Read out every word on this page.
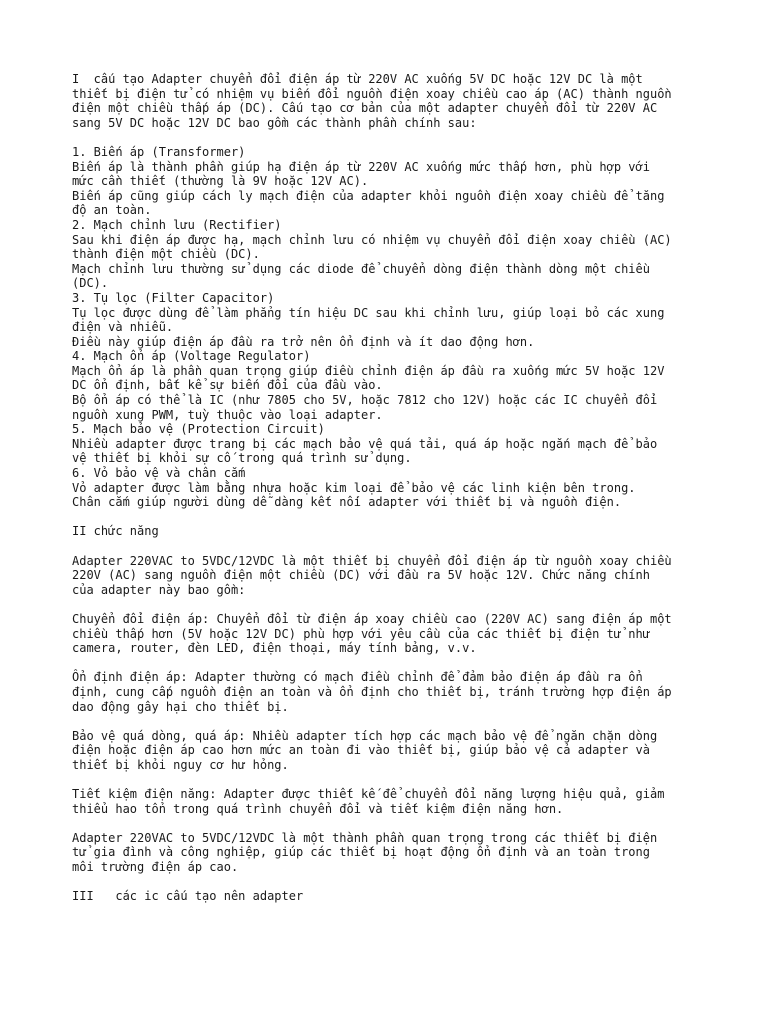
I  cấu tạo Adapter chuyển đổi điện áp từ 220V AC xuống 5V DC hoặc 12V DC là một
thiết bị điện tử có nhiệm vụ biến đổi nguồn điện xoay chiều cao áp (AC) thành nguồn
điện một chiều thấp áp (DC). Cấu tạo cơ bản của một adapter chuyển đổi từ 220V AC
sang 5V DC hoặc 12V DC bao gồm các thành phần chính sau:
1. Biến áp (Transformer)
Biến áp là thành phần giúp hạ điện áp từ 220V AC xuống mức thấp hơn, phù hợp với
mức cần thiết (thường là 9V hoặc 12V AC).
Biến áp cũng giúp cách ly mạch điện của adapter khỏi nguồn điện xoay chiều để tăng
độ an toàn.
2. Mạch chỉnh lưu (Rectifier)
Sau khi điện áp được hạ, mạch chỉnh lưu có nhiệm vụ chuyển đổi điện xoay chiều (AC)
thành điện một chiều (DC).
Mạch chỉnh lưu thường sử dụng các diode để chuyển dòng điện thành dòng một chiều
(DC).
3. Tụ lọc (Filter Capacitor)
Tụ lọc được dùng để làm phẳng tín hiệu DC sau khi chỉnh lưu, giúp loại bỏ các xung
điện và nhiễu.
Điều này giúp điện áp đầu ra trở nên ổn định và ít dao động hơn.
4. Mạch ổn áp (Voltage Regulator)
Mạch ổn áp là phần quan trọng giúp điều chỉnh điện áp đầu ra xuống mức 5V hoặc 12V
DC ổn định, bất kể sự biến đổi của đầu vào.
Bộ ổn áp có thể là IC (như 7805 cho 5V, hoặc 7812 cho 12V) hoặc các IC chuyển đổi
nguồn xung PWM, tuỳ thuộc vào loại adapter.
5. Mạch bảo vệ (Protection Circuit)
Nhiều adapter được trang bị các mạch bảo vệ quá tải, quá áp hoặc ngắn mạch để bảo
vệ thiết bị khỏi sự cố trong quá trình sử dụng.
6. Vỏ bảo vệ và chân cắm
Vỏ adapter được làm bằng nhựa hoặc kim loại để bảo vệ các linh kiện bên trong.
Chân cắm giúp người dùng dễ dàng kết nối adapter với thiết bị và nguồn điện.
II chức năng
Adapter 220VAC to 5VDC/12VDC là một thiết bị chuyển đổi điện áp từ nguồn xoay chiều
220V (AC) sang nguồn điện một chiều (DC) với đầu ra 5V hoặc 12V. Chức năng chính
của adapter này bao gồm:
Chuyển đổi điện áp: Chuyển đổi từ điện áp xoay chiều cao (220V AC) sang điện áp một
chiều thấp hơn (5V hoặc 12V DC) phù hợp với yêu cầu của các thiết bị điện tử như
camera, router, đèn LED, điện thoại, máy tính bảng, v.v.
Ổn định điện áp: Adapter thường có mạch điều chỉnh để đảm bảo điện áp đầu ra ổn
định, cung cấp nguồn điện an toàn và ổn định cho thiết bị, tránh trường hợp điện áp
dao động gây hại cho thiết bị.
Bảo vệ quá dòng, quá áp: Nhiều adapter tích hợp các mạch bảo vệ để ngăn chặn dòng
điện hoặc điện áp cao hơn mức an toàn đi vào thiết bị, giúp bảo vệ cả adapter và
thiết bị khỏi nguy cơ hư hỏng.
Tiết kiệm điện năng: Adapter được thiết kế để chuyển đổi năng lượng hiệu quả, giảm
thiểu hao tổn trong quá trình chuyển đổi và tiết kiệm điện năng hơn.
Adapter 220VAC to 5VDC/12VDC là một thành phần quan trọng trong các thiết bị điện
tử gia đình và công nghiệp, giúp các thiết bị hoạt động ổn định và an toàn trong
môi trường điện áp cao.
III   các ic cấu tạo nên adapter
